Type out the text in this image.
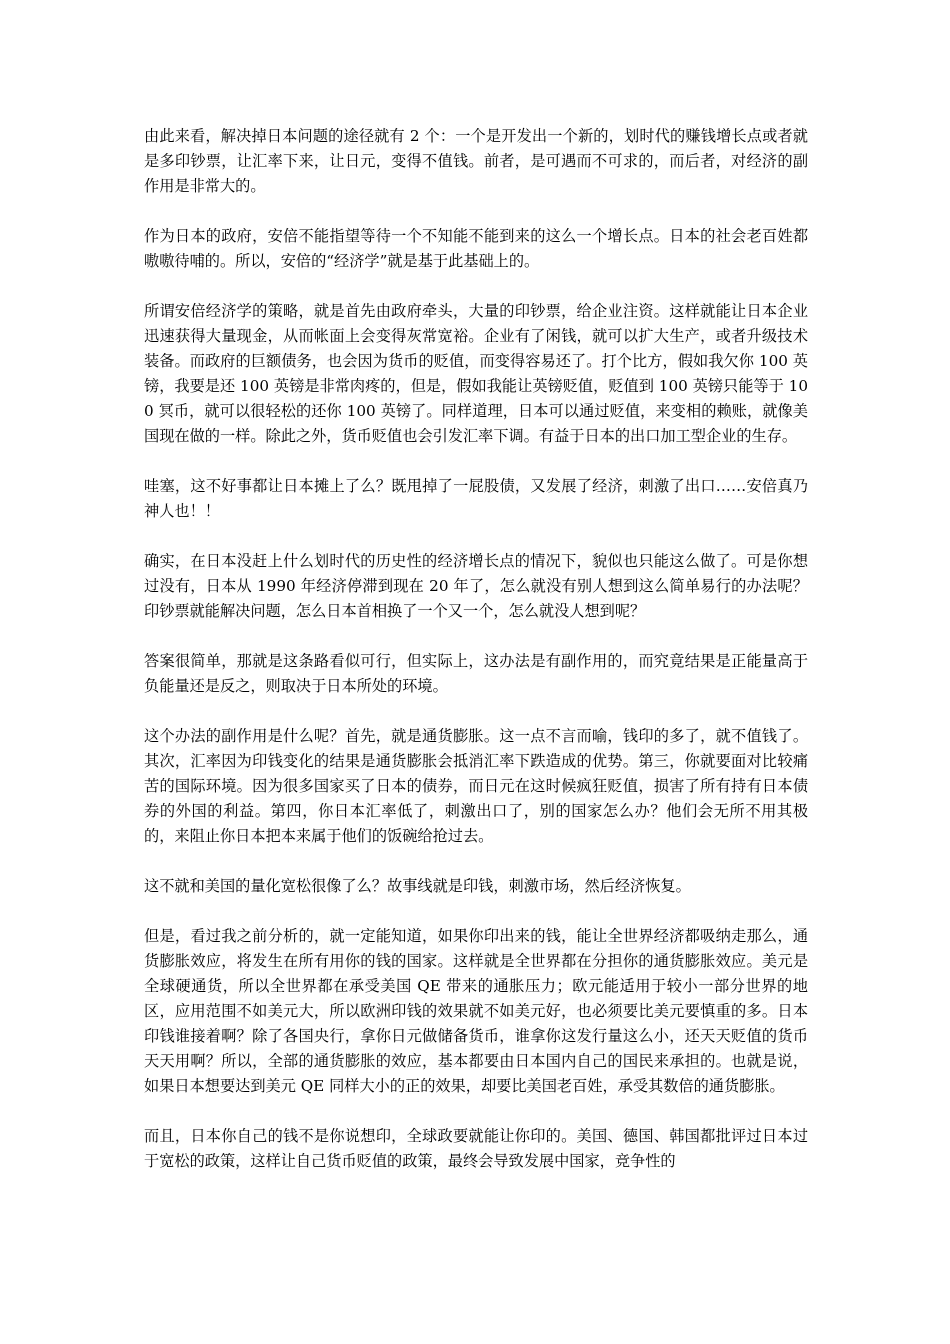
由此来看，解决掉日本问题的途径就有 2 个：一个是开发出一个新的，划时代的赚钱增长点或者就是多印钞票，让汇率下来，让日元，变得不值钱。前者，是可遇而不可求的，而后者，对经济的副作用是非常大的。

作为日本的政府，安倍不能指望等待一个不知能不能到来的这么一个增长点。日本的社会老百姓都嗷嗷待哺的。所以，安倍的“经济学”就是基于此基础上的。

所谓安倍经济学的策略，就是首先由政府牵头，大量的印钞票，给企业注资。这样就能让日本企业迅速获得大量现金，从而帐面上会变得灰常宽裕。企业有了闲钱，就可以扩大生产，或者升级技术装备。而政府的巨额债务，也会因为货币的贬值，而变得容易还了。打个比方，假如我欠你 100 英镑，我要是还 100 英镑是非常肉疼的，但是，假如我能让英镑贬值，贬值到 100 英镑只能等于 100 冥币，就可以很轻松的还你 100 英镑了。同样道理，日本可以通过贬值，来变相的赖账，就像美国现在做的一样。除此之外，货币贬值也会引发汇率下调。有益于日本的出口加工型企业的生存。

哇塞，这不好事都让日本摊上了么？既甩掉了一屁股债，又发展了经济，刺激了出口……安倍真乃神人也！！

确实，在日本没赶上什么划时代的历史性的经济增长点的情况下，貌似也只能这么做了。可是你想过没有，日本从 1990 年经济停滞到现在 20 年了，怎么就没有别人想到这么简单易行的办法呢？印钞票就能解决问题，怎么日本首相换了一个又一个，怎么就没人想到呢？

答案很简单，那就是这条路看似可行，但实际上，这办法是有副作用的，而究竟结果是正能量高于负能量还是反之，则取决于日本所处的环境。

这个办法的副作用是什么呢？首先，就是通货膨胀。这一点不言而喻，钱印的多了，就不值钱了。其次，汇率因为印钱变化的结果是通货膨胀会抵消汇率下跌造成的优势。第三，你就要面对比较痛苦的国际环境。因为很多国家买了日本的债券，而日元在这时候疯狂贬值，损害了所有持有日本债券的外国的利益。第四，你日本汇率低了，刺激出口了，别的国家怎么办？他们会无所不用其极的，来阻止你日本把本来属于他们的饭碗给抢过去。

这不就和美国的量化宽松很像了么？故事线就是印钱，刺激市场，然后经济恢复。

但是，看过我之前分析的，就一定能知道，如果你印出来的钱，能让全世界经济都吸纳走那么，通货膨胀效应，将发生在所有用你的钱的国家。这样就是全世界都在分担你的通货膨胀效应。美元是全球硬通货，所以全世界都在承受美国 QE 带来的通胀压力；欧元能适用于较小一部分世界的地区，应用范围不如美元大，所以欧洲印钱的效果就不如美元好，也必须要比美元要慎重的多。日本印钱谁接着啊？除了各国央行，拿你日元做储备货币，谁拿你这发行量这么小，还天天贬值的货币天天用啊？所以，全部的通货膨胀的效应，基本都要由日本国内自己的国民来承担的。也就是说，如果日本想要达到美元 QE 同样大小的正的效果，却要比美国老百姓，承受其数倍的通货膨胀。

而且，日本你自己的钱不是你说想印，全球政要就能让你印的。美国、德国、韩国都批评过日本过于宽松的政策，这样让自己货币贬值的政策，最终会导致发展中国家，竞争性的
